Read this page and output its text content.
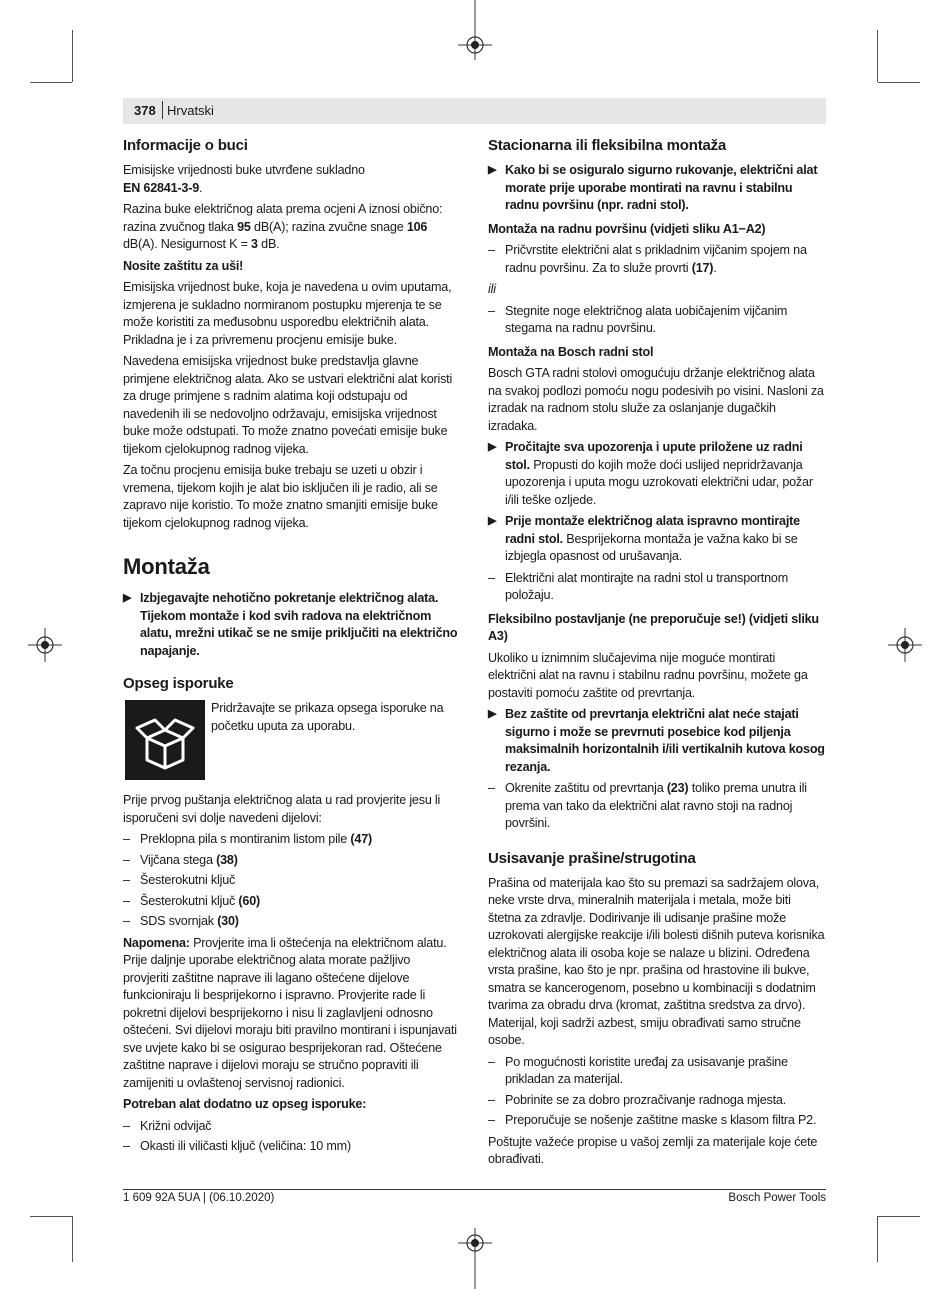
378 Hrvatski
Informacije o buci

Emisijske vrijednosti buke utvrđene sukladno
EN 62841-3-9.

Razina buke električnog alata prema ocjeni A iznosi obično: razina zvučnog tlaka 95 dB(A); razina zvučne snage 106 dB(A). Nesigurnost K = 3 dB.

Nosite zaštitu za uši!

Emisijska vrijednost buke, koja je navedena u ovim uputama, izmjerena je sukladno normiranom postupku mjerenja te se može koristiti za međusobnu usporedbu električnih alata. Prikladna je i za privremenu procjenu emisije buke.

Navedena emisijska vrijednost buke predstavlja glavne primjene električnog alata. Ako se ustvari električni alat koristi za druge primjene s radnim alatima koji odstupaju od navedenih ili se nedovoljno održavaju, emisijska vrijednost buke može odstupati. To može znatno povećati emisije buke tijekom cjelokupnog radnog vijeka.

Za točnu procjenu emisija buke trebaju se uzeti u obzir i vremena, tijekom kojih je alat bio isključen ili je radio, ali se zapravo nije koristio. To može znatno smanjiti emisije buke tijekom cjelokupnog radnog vijeka.

Montaža
▶ Izbjegavajte nehotično pokretanje električnog alata. Tijekom montaže i kod svih radova na električnom alatu, mrežni utikač se ne smije priključiti na električno napajanje.
Opseg isporuke
Pridržavajte se prikaza opsega isporuke na početku uputa za uporabu.

Prije prvog puštanja električnog alata u rad provjerite jesu li isporučeni svi dolje navedeni dijelovi:

– Preklopna pila s montiranim listom pile (47)
– Vijčana stega (38)
– Šesterokutni ključ
– Šesterokutni ključ (60)
– SDS svornjak (30)

Napomena: Provjerite ima li oštećenja na električnom alatu. Prije daljnje uporabe električnog alata morate pažljivo provjeriti zaštitne naprave ili lagano oštećene dijelove funkcioniraju li besprijekorno i ispravno. Provjerite rade li pokretni dijelovi besprijekorno i nisu li zaglavljeni odnosno oštećeni. Svi dijelovi moraju biti pravilno montirani i ispunjavati sve uvjete kako bi se osigurao besprijekoran rad. Oštećene zaštitne naprave i dijelovi moraju se stručno popraviti ili zamijeniti u ovlaštenoj servisnoj radionici.

Potreban alat dodatno uz opseg isporuke:

– Križni odvijač
– Okasti ili viličasti ključ (veličina: 10 mm)
Stacionarna ili fleksibilna montaža
▶ Kako bi se osiguralo sigurno rukovanje, električni alat morate prije uporabe montirati na ravnu i stabilnu radnu površinu (npr. radni stol).

Montaža na radnu površinu (vidjeti sliku A1−A2)

– Pričvrstite električni alat s prikladnim vijčanim spojem na radnu površinu. Za to služe provrti (17).

ili

– Stegnite noge električnog alata uobičajenim vijčanim stegama na radnu površinu.

Montaža na Bosch radni stol

Bosch GTA radni stolovi omogućuju držanje električnog alata na svakoj podlozi pomoću nogu podesivih po visini. Nasloni za izradak na radnom stolu služe za oslanjanje dugačkih izradaka.

▶ Pročitajte sva upozorenja i upute priložene uz radni stol. Propusti do kojih može doći uslijed nepridržavanja upozorenja i uputa mogu uzrokovati električni udar, požar i/ili teške ozljede.
▶ Prije montaže električnog alata ispravno montirajte radni stol. Besprijekorna montaža je važna kako bi se izbjegla opasnost od urušavanja.
– Električni alat montirajte na radni stol u transportnom položaju.

Fleksibilno postavljanje (ne preporučuje se!) (vidjeti sliku A3)

Ukoliko u iznimnim slučajevima nije moguće montirati električni alat na ravnu i stabilnu radnu površinu, možete ga postaviti pomoću zaštite od prevrtanja.

▶ Bez zaštite od prevrtanja električni alat neće stajati sigurno i može se prevrnuti posebice kod piljenja maksimalnih horizontalnih i/ili vertikalnih kutova kosog rezanja.
– Okrenite zaštitu od prevrtanja (23) toliko prema unutra ili prema van tako da električni alat ravno stoji na radnoj površini.
Usisavanje prašine/strugotina

Prašina od materijala kao što su premazi sa sadržajem olova, neke vrste drva, mineralnih materijala i metala, može biti štetna za zdravlje. Dodirivanje ili udisanje prašine može uzrokovati alergijske reakcije i/ili bolesti dišnih puteva korisnika električnog alata ili osoba koje se nalaze u blizini. Određena vrsta prašine, kao što je npr. prašina od hrastovine ili bukve, smatra se kancerogenom, posebno u kombinaciji s dodatnim tvarima za obradu drva (kromat, zaštitna sredstva za drvo). Materijal, koji sadrži azbest, smiju obrađivati samo stručne osobe.

– Po mogućnosti koristite uređaj za usisavanje prašine prikladan za materijal.
– Pobrinite se za dobro prozračivanje radnoga mjesta.
– Preporučuje se nošenje zaštitne maske s klasom filtra P2.

Poštujte važeće propise u vašoj zemlji za materijale koje ćete obrađivati.

1 609 92A 5UA | (06.10.2020)	Bosch Power Tools
